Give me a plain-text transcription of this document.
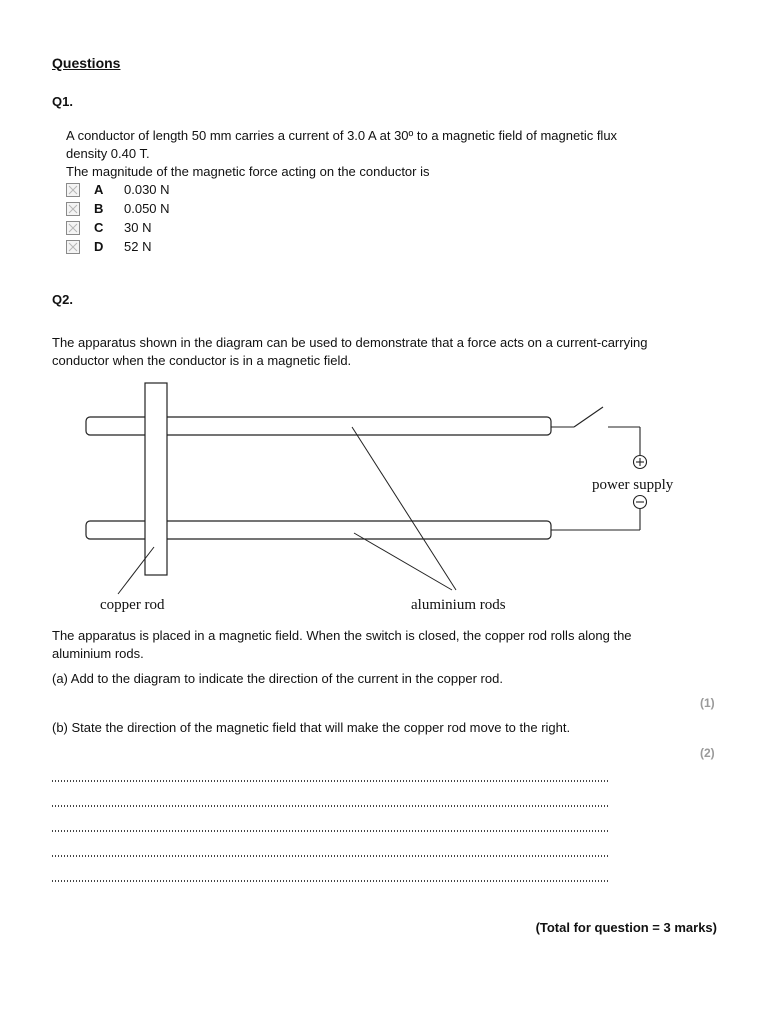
Questions
Q1.
A conductor of length 50 mm carries a current of 3.0 A at 30º to a magnetic field of magnetic flux
density 0.40 T.
The magnitude of the magnetic force acting on the conductor is
A 0.030 N
B 0.050 N
C 30 N
D 52 N
Q2.
The apparatus shown in the diagram can be used to demonstrate that a force acts on a current-carrying
conductor when the conductor is in a magnetic field.
power supply
copper rod	aluminium rods
The apparatus is placed in a magnetic field. When the switch is closed, the copper rod rolls along the
aluminium rods.
(a) Add to the diagram to indicate the direction of the current in the copper rod.
(1)
(b) State the direction of the magnetic field that will make the copper rod move to the right.
(2)
(Total for question = 3 marks)
